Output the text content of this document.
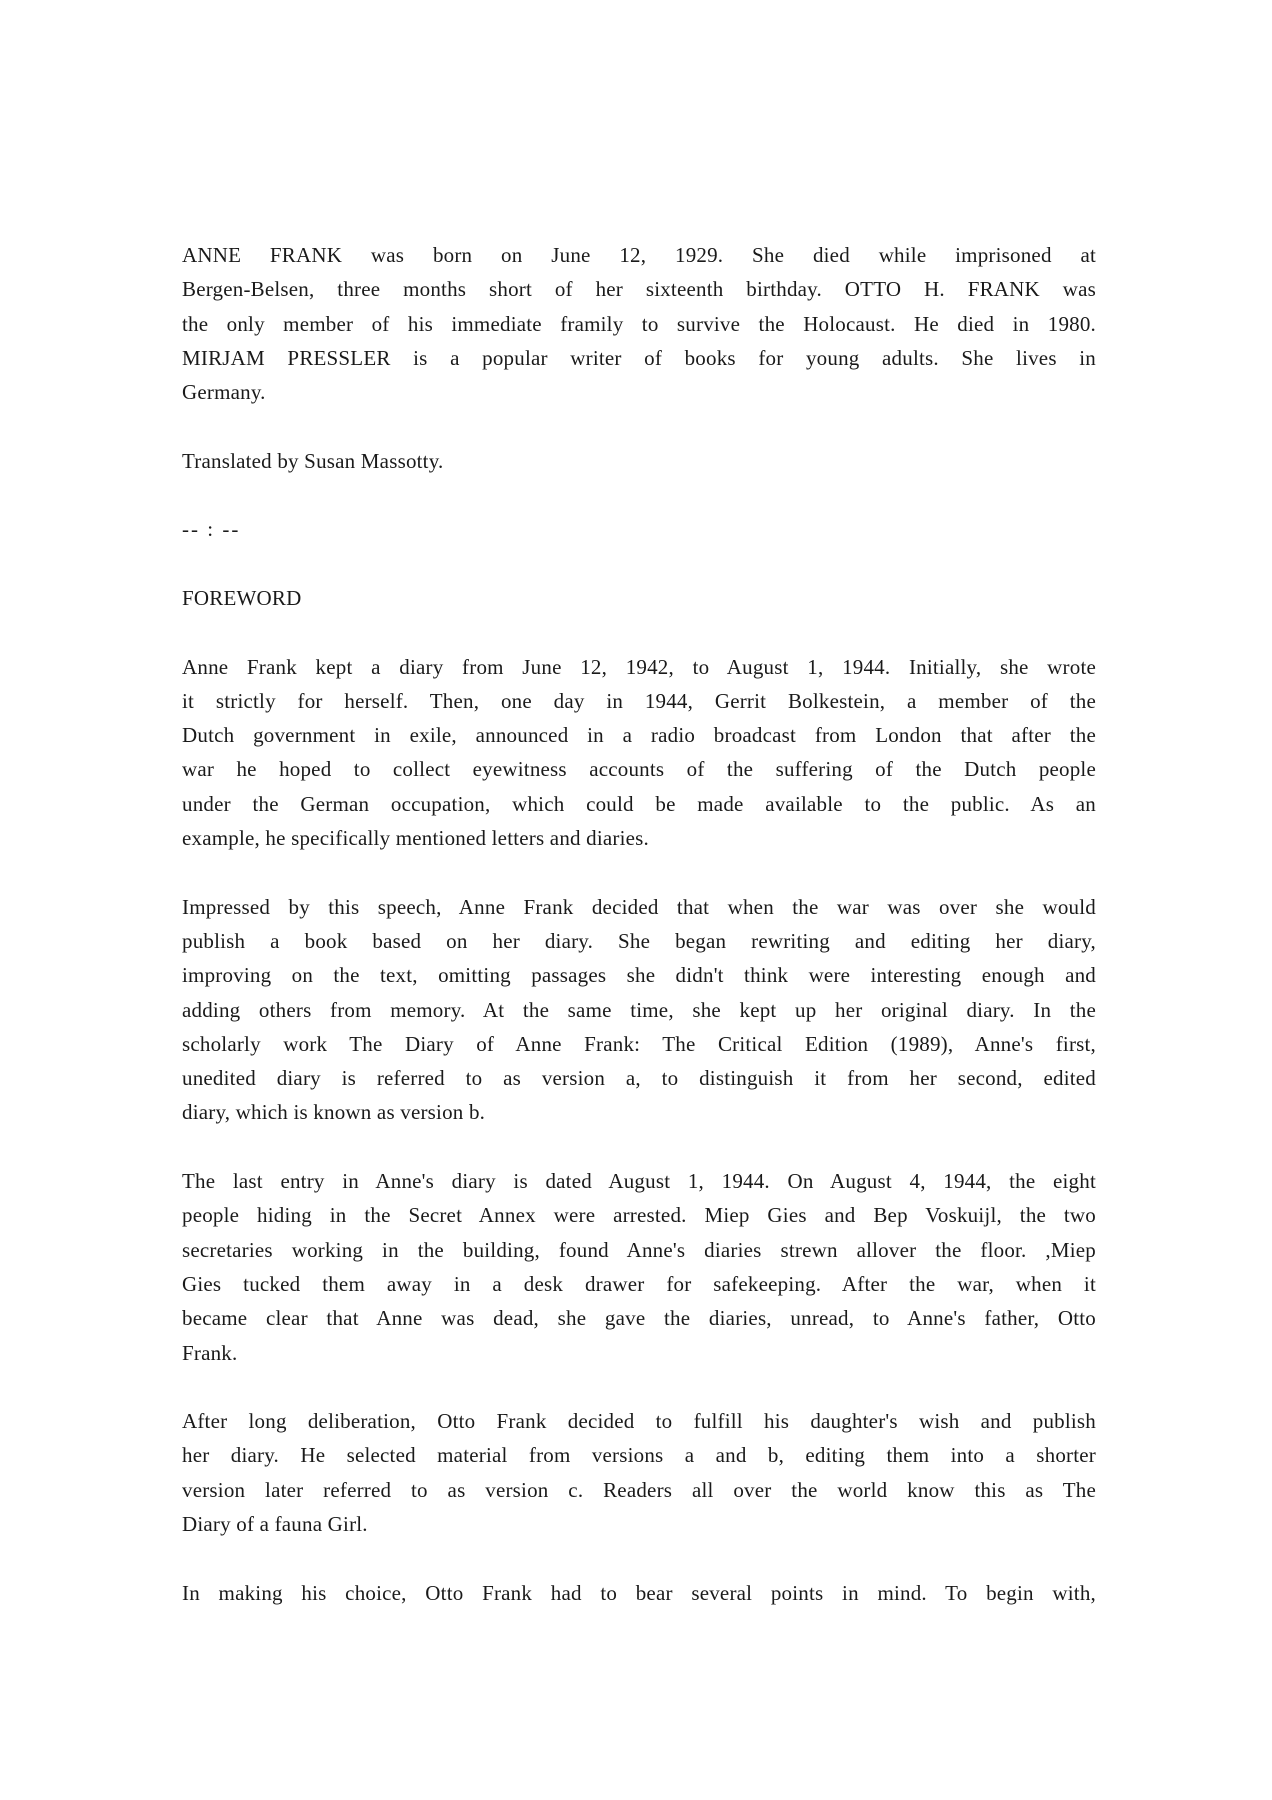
ANNE FRANK was born on June 12, 1929. She died while imprisoned at
Bergen-Belsen, three months short of her sixteenth birthday. OTTO H. FRANK was
the only member of his immediate framily to survive the Holocaust. He died in 1980.
MIRJAM PRESSLER is a popular writer of books for young adults. She lives in
Germany.
Translated by Susan Massotty.
-- : --
FOREWORD
Anne Frank kept a diary from June 12, 1942, to August 1, 1944. Initially, she wrote
it strictly for herself. Then, one day in 1944, Gerrit Bolkestein, a member of the
Dutch government in exile, announced in a radio broadcast from London that after the
war he hoped to collect eyewitness accounts of the suffering of the Dutch people
under the German occupation, which could be made available to the public. As an
example, he specifically mentioned letters and diaries.
Impressed by this speech, Anne Frank decided that when the war was over she would
publish a book based on her diary. She began rewriting and editing her diary,
improving on the text, omitting passages she didn't think were interesting enough and
adding others from memory. At the same time, she kept up her original diary. In the
scholarly work The Diary of Anne Frank: The Critical Edition (1989), Anne's first,
unedited diary is referred to as version a, to distinguish it from her second, edited
diary, which is known as version b.
The last entry in Anne's diary is dated August 1, 1944. On August 4, 1944, the eight
people hiding in the Secret Annex were arrested. Miep Gies and Bep Voskuijl, the two
secretaries working in the building, found Anne's diaries strewn allover the floor. ,Miep
Gies tucked them away in a desk drawer for safekeeping. After the war, when it
became clear that Anne was dead, she gave the diaries, unread, to Anne's father, Otto
Frank.
After long deliberation, Otto Frank decided to fulfill his daughter's wish and publish
her diary. He selected material from versions a and b, editing them into a shorter
version later referred to as version c. Readers all over the world know this as The
Diary of a fauna Girl.
In making his choice, Otto Frank had to bear several points in mind. To begin with,
